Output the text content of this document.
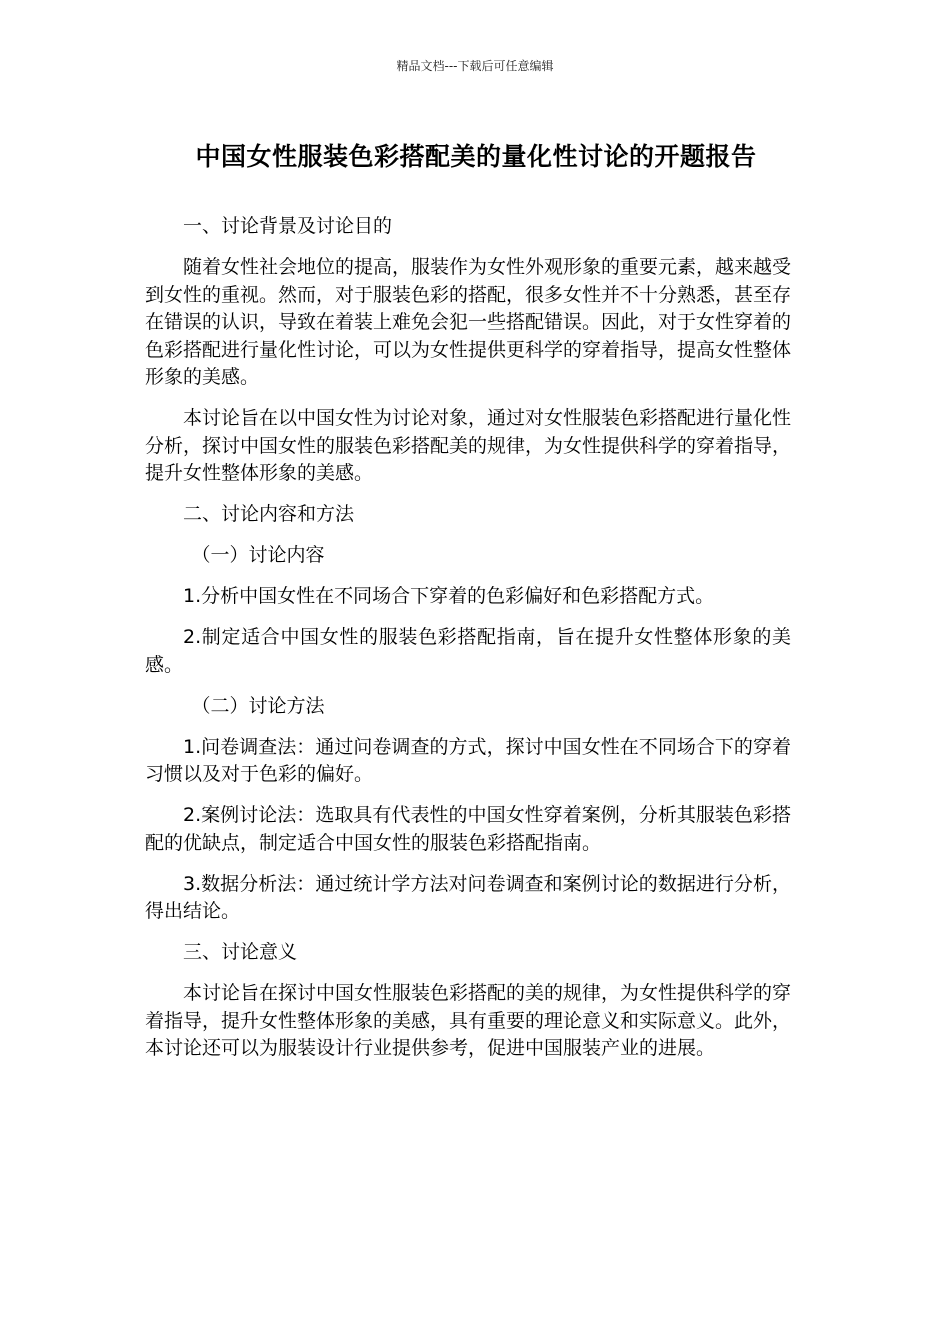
精品文档---下载后可任意编辑
中国女性服装色彩搭配美的量化性讨论的开题报告

一、讨论背景及讨论目的

随着女性社会地位的提高，服装作为女性外观形象的重要元素，越来越受到女性的重视。然而，对于服装色彩的搭配，很多女性并不十分熟悉，甚至存在错误的认识，导致在着装上难免会犯一些搭配错误。因此，对于女性穿着的色彩搭配进行量化性讨论，可以为女性提供更科学的穿着指导，提高女性整体形象的美感。

本讨论旨在以中国女性为讨论对象，通过对女性服装色彩搭配进行量化性分析，探讨中国女性的服装色彩搭配美的规律，为女性提供科学的穿着指导，提升女性整体形象的美感。

二、讨论内容和方法

（一）讨论内容

1.分析中国女性在不同场合下穿着的色彩偏好和色彩搭配方式。

2.制定适合中国女性的服装色彩搭配指南，旨在提升女性整体形象的美感。

（二）讨论方法

1.问卷调查法：通过问卷调查的方式，探讨中国女性在不同场合下的穿着习惯以及对于色彩的偏好。

2.案例讨论法：选取具有代表性的中国女性穿着案例，分析其服装色彩搭配的优缺点，制定适合中国女性的服装色彩搭配指南。

3.数据分析法：通过统计学方法对问卷调查和案例讨论的数据进行分析，得出结论。

三、讨论意义

本讨论旨在探讨中国女性服装色彩搭配的美的规律，为女性提供科学的穿着指导，提升女性整体形象的美感，具有重要的理论意义和实际意义。此外，本讨论还可以为服装设计行业提供参考，促进中国服装产业的进展。
